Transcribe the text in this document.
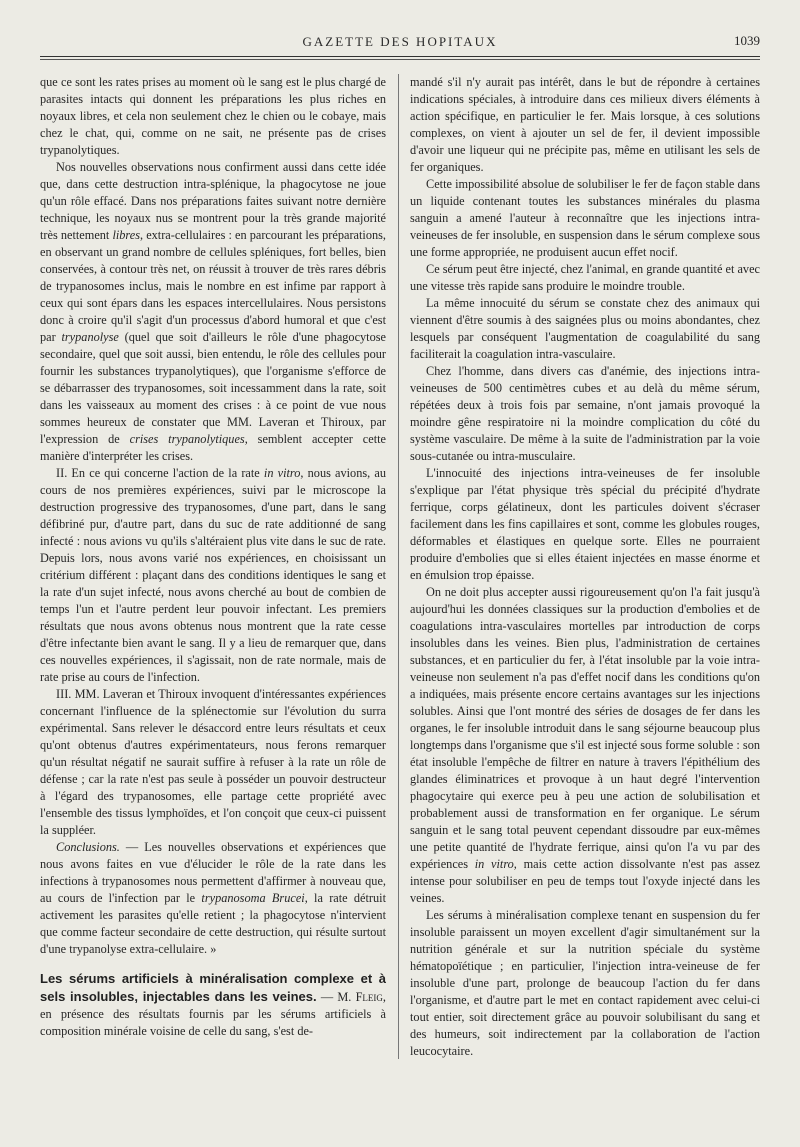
GAZETTE DES HOPITAUX	1039

que ce sont les rates prises au moment où le sang est le plus chargé de parasites intacts qui donnent les préparations les plus riches en noyaux libres, et cela non seulement chez le chien ou le cobaye, mais chez le chat, qui, comme on ne sait, ne présente pas de crises trypanolytiques.

Nos nouvelles observations nous confirment aussi dans cette idée que, dans cette destruction intra-splénique, la phagocytose ne joue qu'un rôle effacé. Dans nos préparations faites suivant notre dernière technique, les noyaux nus se montrent pour la très grande majorité très nettement libres, extra-cellulaires : en parcourant les préparations, en observant un grand nombre de cellules spléniques, fort belles, bien conservées, à contour très net, on réussit à trouver de très rares débris de trypanosomes inclus, mais le nombre en est infime par rapport à ceux qui sont épars dans les espaces intercellulaires. Nous persistons donc à croire qu'il s'agit d'un processus d'abord humoral et que c'est par trypanolyse (quel que soit d'ailleurs le rôle d'une phagocytose secondaire, quel que soit aussi, bien entendu, le rôle des cellules pour fournir les substances trypanolytiques), que l'organisme s'efforce de se débarrasser des trypanosomes, soit incessamment dans la rate, soit dans les vaisseaux au moment des crises : à ce point de vue nous sommes heureux de constater que MM. Laveran et Thiroux, par l'expression de crises trypanolytiques, semblent accepter cette manière d'interpréter les crises.

II. En ce qui concerne l'action de la rate in vitro, nous avions, au cours de nos premières expériences, suivi par le microscope la destruction progressive des trypanosomes, d'une part, dans le sang défibriné pur, d'autre part, dans du suc de rate additionné de sang infecté : nous avions vu qu'ils s'altéraient plus vite dans le suc de rate. Depuis lors, nous avons varié nos expériences, en choisissant un critérium différent : plaçant dans des conditions identiques le sang et la rate d'un sujet infecté, nous avons cherché au bout de combien de temps l'un et l'autre perdent leur pouvoir infectant. Les premiers résultats que nous avons obtenus nous montrent que la rate cesse d'être infectante bien avant le sang. Il y a lieu de remarquer que, dans ces nouvelles expériences, il s'agissait, non de rate normale, mais de rate prise au cours de l'infection.

III. MM. Laveran et Thiroux invoquent d'intéressantes expériences concernant l'influence de la splénectomie sur l'évolution du surra expérimental. Sans relever le désaccord entre leurs résultats et ceux qu'ont obtenus d'autres expérimentateurs, nous ferons remarquer qu'un résultat négatif ne saurait suffire à refuser à la rate un rôle de défense ; car la rate n'est pas seule à posséder un pouvoir destructeur à l'égard des trypanosomes, elle partage cette propriété avec l'ensemble des tissus lymphoïdes, et l'on conçoit que ceux-ci puissent la suppléer.

Conclusions. — Les nouvelles observations et expériences que nous avons faites en vue d'élucider le rôle de la rate dans les infections à trypanosomes nous permettent d'affirmer à nouveau que, au cours de l'infection par le trypanosoma Brucei, la rate détruit activement les parasites qu'elle retient ; la phagocytose n'intervient que comme facteur secondaire de cette destruction, qui résulte surtout d'une trypanolyse extra-cellulaire. »

Les sérums artificiels à minéralisation complexe et à sels insolubles, injectables dans les veines. — M. Fleig, en présence des résultats fournis par les sérums artificiels à composition minérale voisine de celle du sang, s'est de-

mandé s'il n'y aurait pas intérêt, dans le but de répondre à certaines indications spéciales, à introduire dans ces milieux divers éléments à action spécifique, en particulier le fer. Mais lorsque, à ces solutions complexes, on vient à ajouter un sel de fer, il devient impossible d'avoir une liqueur qui ne précipite pas, même en utilisant les sels de fer organiques.

Cette impossibilité absolue de solubiliser le fer de façon stable dans un liquide contenant toutes les substances minérales du plasma sanguin a amené l'auteur à reconnaître que les injections intra-veineuses de fer insoluble, en suspension dans le sérum complexe sous une forme appropriée, ne produisent aucun effet nocif.

Ce sérum peut être injecté, chez l'animal, en grande quantité et avec une vitesse très rapide sans produire le moindre trouble.

La même innocuité du sérum se constate chez des animaux qui viennent d'être soumis à des saignées plus ou moins abondantes, chez lesquels par conséquent l'augmentation de coagulabilité du sang faciliterait la coagulation intra-vasculaire.

Chez l'homme, dans divers cas d'anémie, des injections intra-veineuses de 500 centimètres cubes et au delà du même sérum, répétées deux à trois fois par semaine, n'ont jamais provoqué la moindre gêne respiratoire ni la moindre complication du côté du système vasculaire. De même à la suite de l'administration par la voie sous-cutanée ou intra-musculaire.

L'innocuité des injections intra-veineuses de fer insoluble s'explique par l'état physique très spécial du précipité d'hydrate ferrique, corps gélatineux, dont les particules doivent s'écraser facilement dans les fins capillaires et sont, comme les globules rouges, déformables et élastiques en quelque sorte. Elles ne pourraient produire d'embolies que si elles étaient injectées en masse énorme et en émulsion trop épaisse.

On ne doit plus accepter aussi rigoureusement qu'on l'a fait jusqu'à aujourd'hui les données classiques sur la production d'embolies et de coagulations intra-vasculaires mortelles par introduction de corps insolubles dans les veines. Bien plus, l'administration de certaines substances, et en particulier du fer, à l'état insoluble par la voie intra-veineuse non seulement n'a pas d'effet nocif dans les conditions qu'on a indiquées, mais présente encore certains avantages sur les injections solubles. Ainsi que l'ont montré des séries de dosages de fer dans les organes, le fer insoluble introduit dans le sang séjourne beaucoup plus longtemps dans l'organisme que s'il est injecté sous forme soluble : son état insoluble l'empêche de filtrer en nature à travers l'épithélium des glandes éliminatrices et provoque à un haut degré l'intervention phagocytaire qui exerce peu à peu une action de solubilisation et probablement aussi de transformation en fer organique. Le sérum sanguin et le sang total peuvent cependant dissoudre par eux-mêmes une petite quantité de l'hydrate ferrique, ainsi qu'on l'a vu par des expériences in vitro, mais cette action dissolvante n'est pas assez intense pour solubiliser en peu de temps tout l'oxyde injecté dans les veines.

Les sérums à minéralisation complexe tenant en suspension du fer insoluble paraissent un moyen excellent d'agir simultanément sur la nutrition générale et sur la nutrition spéciale du système hématopoïétique ; en particulier, l'injection intra-veineuse de fer insoluble d'une part, prolonge de beaucoup l'action du fer dans l'organisme, et d'autre part le met en contact rapidement avec celui-ci tout entier, soit directement grâce au pouvoir solubilisant du sang et des humeurs, soit indirectement par la collaboration de l'action leucocytaire.
